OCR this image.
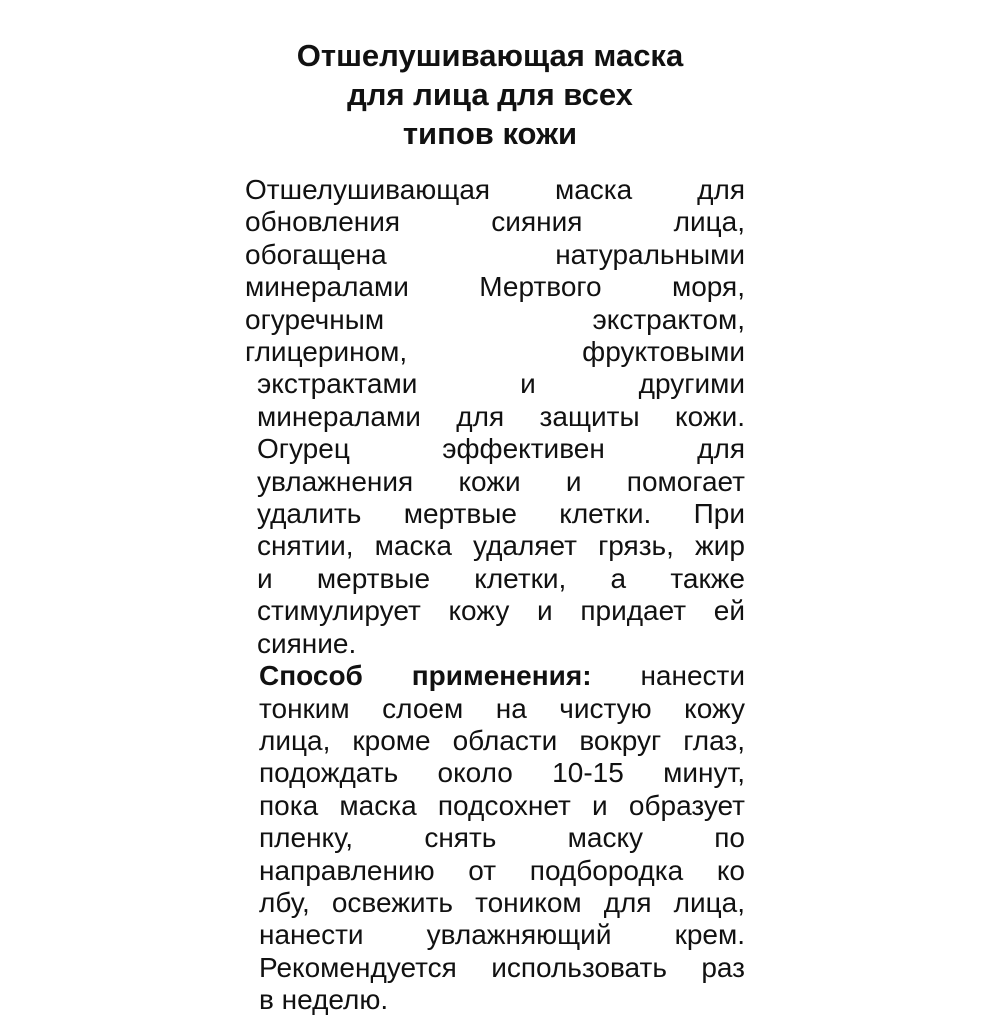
Отшелушивающая маска
для лица для всех
типов кожи
Отшелушивающая маска для
обновления сияния лица,
обогащена натуральными
минералами Мертвого моря,
огуречным экстрактом,
глицерином, фруктовыми
экстрактами и другими
минералами для защиты кожи.
Огурец эффективен для
увлажнения кожи и помогает
удалить мертвые клетки. При
снятии, маска удаляет грязь, жир
и мертвые клетки, а также
стимулирует кожу и придает ей
сияние.
Способ применения: нанести
тонким слоем на чистую кожу
лица, кроме области вокруг глаз,
подождать около 10-15 минут,
пока маска подсохнет и образует
пленку, снять маску по
направлению от подбородка ко
лбу, освежить тоником для лица,
нанести увлажняющий крем.
Рекомендуется использовать раз
в неделю.
